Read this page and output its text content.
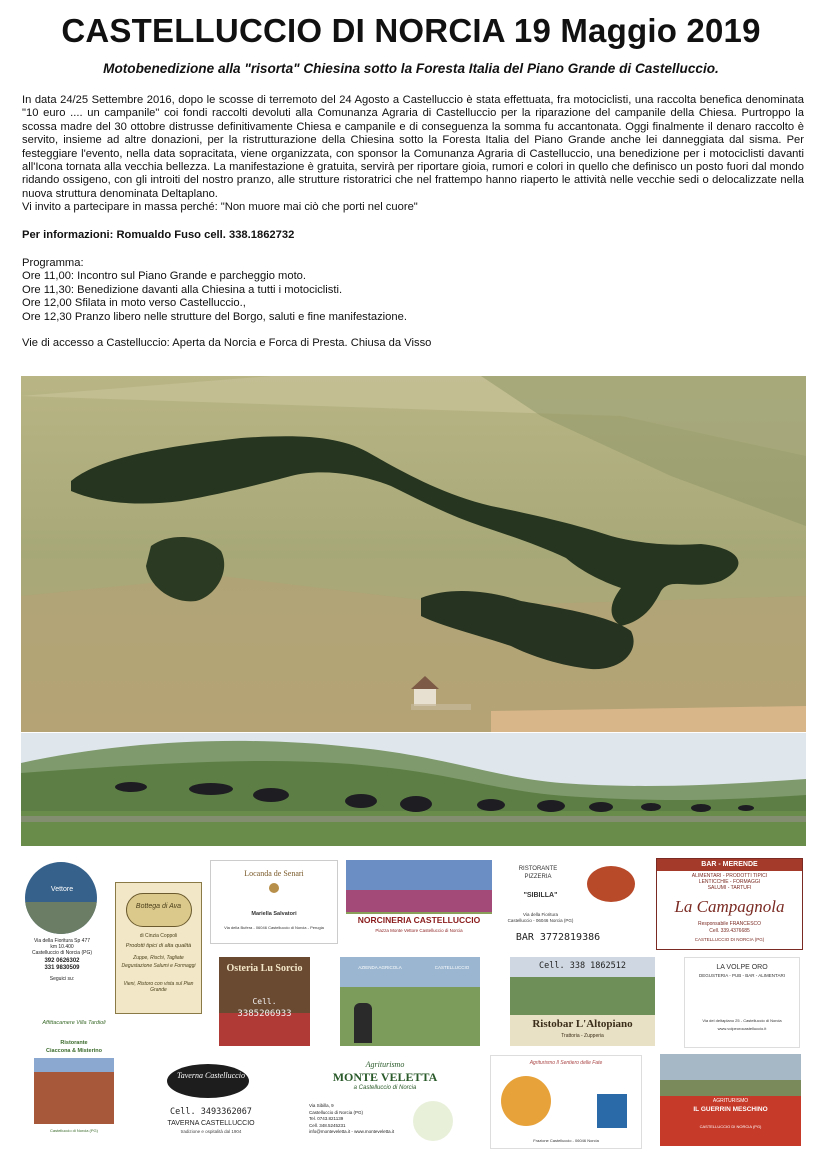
CASTELLUCCIO DI NORCIA 19 Maggio 2019
Motobenedizione alla "risorta" Chiesina sotto la Foresta Italia del Piano Grande di Castelluccio.
In data 24/25 Settembre 2016, dopo le scosse di terremoto del 24 Agosto a Castelluccio è stata effettuata, fra motociclisti, una raccolta benefica denominata "10 euro .... un campanile" coi fondi raccolti devoluti alla Comunanza Agraria di Castelluccio per la riparazione del campanile della Chiesa. Purtroppo la scossa madre del 30 ottobre distrusse definitivamente Chiesa e campanile e di conseguenza la somma fu accantonata. Oggi finalmente il denaro raccolto è servito, insieme ad altre donazioni, per la ristrutturazione della Chiesina sotto la Foresta Italia del Piano Grande anche lei danneggiata dal sisma. Per festeggiare l'evento, nella data sopracitata, viene organizzata, con sponsor la Comunanza Agraria di Castelluccio, una benedizione per i motociclisti davanti all'Icona tornata alla vecchia bellezza. La manifestazione è gratuita, servirà per riportare gioia, rumori e colori in quello che definisco un posto fuori dal mondo ridando ossigeno, con gli introiti del nostro pranzo, alle strutture ristoratrici che nel frattempo hanno riaperto le attività nelle vecchie sedi o delocalizzate nella nuova struttura denominata Deltaplano.
Vi invito a partecipare in massa perché: "Non muore mai ciò che porti nel cuore"
Per informazioni: Romualdo Fuso cell. 338.1862732
Programma:
Ore 11,00: Incontro sul Piano Grande e parcheggio moto.
Ore 11,30: Benedizione davanti alla Chiesina a tutti i motociclisti.
Ore 12,00 Sfilata in moto verso Castelluccio.,
Ore 12,30 Pranzo libero nelle strutture del Borgo, saluti e fine manifestazione.
Vie di accesso a Castelluccio: Aperta da Norcia e Forca di Presta. Chiusa da Visso
Vettore
Via della Fioritura Sp 477
km 10.400
Castelluccio di Norcia (PG)
392 0626302
331 9830509
Seguici su:
Bottega di Ava
di Cinzia Coppoli
Prodotti tipici di alta qualità
Zuppe, Rischi, Tagliate
Degustazione Salumi e Formaggi
Vieni, Ristoro con vista sul Pian Grande
Locanda de Senari
Mariella Salvatori
Via della Bufera - 06046 Castelluccio di Norcia - Perugia
NORCINERIA CASTELLUCCIO
Piazza Monte Vettore Castelluccio di Norcia
RISTORANTE
PIZZERIA
"SIBILLA"
Via della Fioritura
Castelluccio - 06046 Norcia (PG)
BAR 3772819386
BAR - MERENDE
ALIMENTARI - PRODOTTI TIPICI
LENTICCHIE - FORMAGGI
SALUMI - TARTUFI
La Campagnola
Responsabile FRANCESCO
Cell. 339.4376685
CASTELLUCCIO DI NORCIA (PG)
Osteria Lu Sorcio
Cell.
3385206933
AZIENDA AGRICOLA	CASTELLUCCIO	Cell. 338 1862512
Ristobar L'Altopiano
Trattoria - Zupperia
LA VOLPE ORO
DEGUSTERIA - PUB - BAR - ALIMENTARI
Via del deltaplano 25 - Castelluccio di Norcia
www.volpeorocastelluccio.it
Affittacamere Villa Tardioli
Ristorante
Ciaccona & Misterino
Castelluccio di Norcia (PG)
Taverna Castelluccio
Cell. 3493362067
TAVERNA CASTELLUCCIO
tradizione e ospitalità dal 1904
Agriturismo
MONTE VELETTA
a Castelluccio di Norcia
Via Sibilla, 9
Castelluccio di Norcia (PG)
Tel. 0743.821139
Cell. 348.5245231
info@monteveletta.it - www.monteveletta.it
Agriturismo Il Sentiero delle Fate
Frazione Castelluccio - 06046 Norcia
AGRITURISMO
IL GUERRIN MESCHINO
CASTELLUCCIO DI NORCIA (PG)
